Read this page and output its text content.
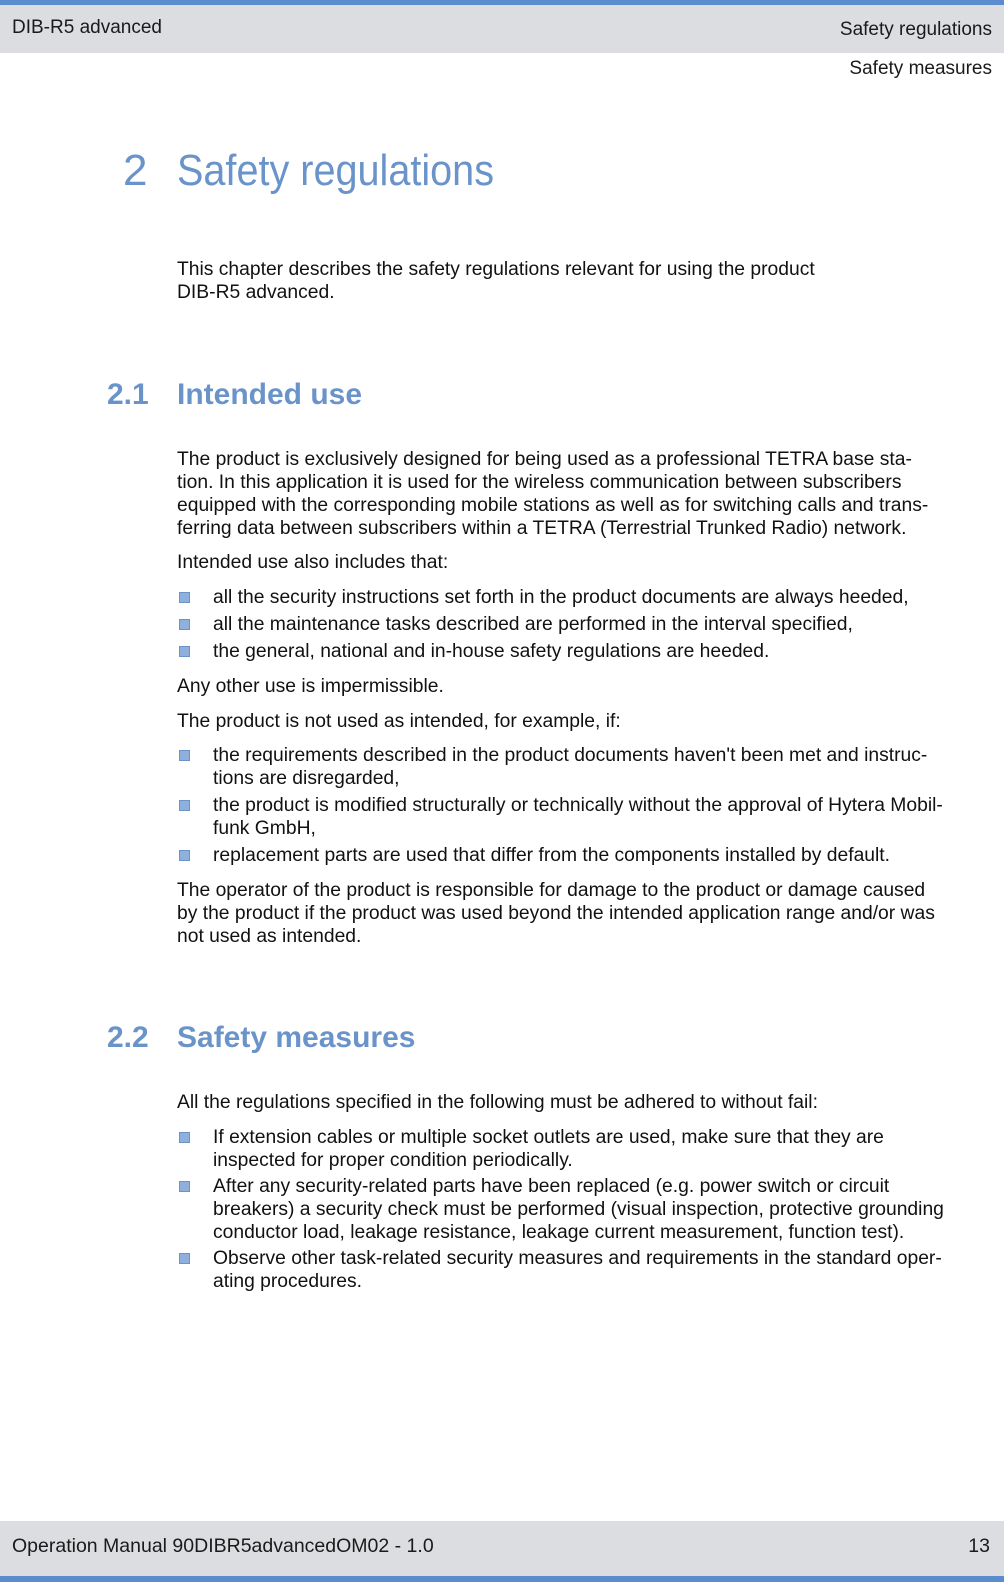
DIB-R5 advanced	Safety regulations
Safety measures
2 Safety regulations

This chapter describes the safety regulations relevant for using the product
DIB-R5 advanced.

2.1 Intended use

The product is exclusively designed for being used as a professional TETRA base sta-
tion. In this application it is used for the wireless communication between subscribers
equipped with the corresponding mobile stations as well as for switching calls and trans-
ferring data between subscribers within a TETRA (Terrestrial Trunked Radio) network.

Intended use also includes that:

all the security instructions set forth in the product documents are always heeded,
all the maintenance tasks described are performed in the interval specified,
the general, national and in-house safety regulations are heeded.

Any other use is impermissible.

The product is not used as intended, for example, if:

the requirements described in the product documents haven't been met and instruc-
tions are disregarded,
the product is modified structurally or technically without the approval of Hytera Mobil-
funk GmbH,
replacement parts are used that differ from the components installed by default.

The operator of the product is responsible for damage to the product or damage caused
by the product if the product was used beyond the intended application range and/or was
not used as intended.

2.2 Safety measures

All the regulations specified in the following must be adhered to without fail:

If extension cables or multiple socket outlets are used, make sure that they are
inspected for proper condition periodically.
After any security-related parts have been replaced (e.g. power switch or circuit
breakers) a security check must be performed (visual inspection, protective grounding
conductor load, leakage resistance, leakage current measurement, function test).
Observe other task-related security measures and requirements in the standard oper-
ating procedures.
Operation Manual 90DIBR5advancedOM02 - 1.0	13
